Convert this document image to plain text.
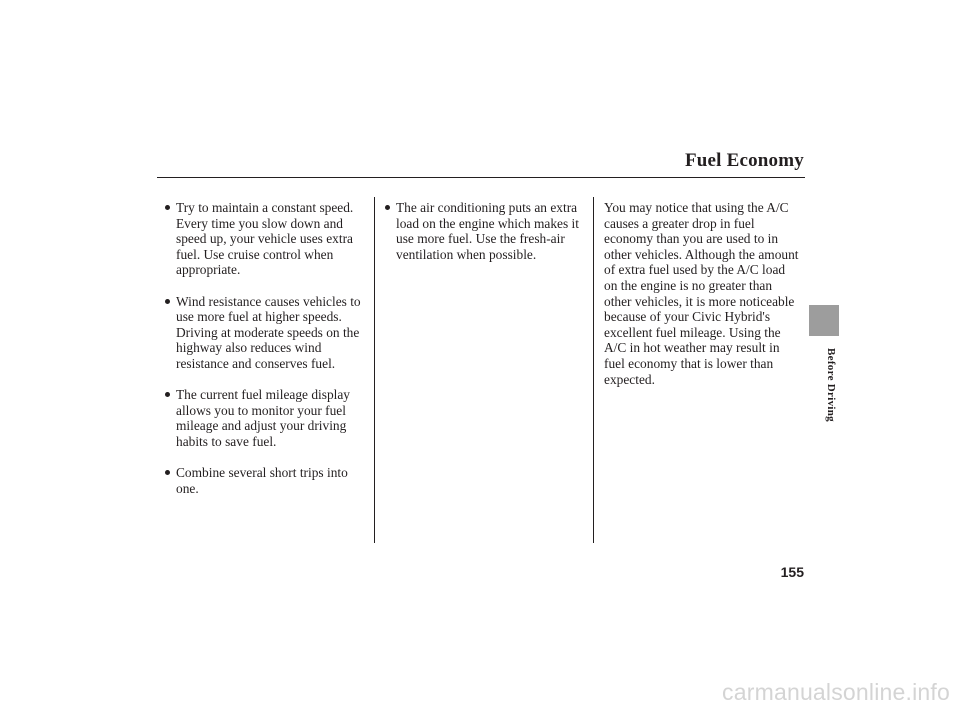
Fuel Economy
Try to maintain a constant speed. Every time you slow down and speed up, your vehicle uses extra fuel. Use cruise control when appropriate.
Wind resistance causes vehicles to use more fuel at higher speeds. Driving at moderate speeds on the highway also reduces wind resistance and conserves fuel.
The current fuel mileage display allows you to monitor your fuel mileage and adjust your driving habits to save fuel.
Combine several short trips into one.
The air conditioning puts an extra load on the engine which makes it use more fuel. Use the fresh-air ventilation when possible.

You may notice that using the A/C causes a greater drop in fuel economy than you are used to in other vehicles. Although the amount of extra fuel used by the A/C load on the engine is no greater than other vehicles, it is more noticeable because of your Civic Hybrid's excellent fuel mileage. Using the A/C in hot weather may result in fuel economy that is lower than expected.	Before Driving
155
carmanualsonline.info
